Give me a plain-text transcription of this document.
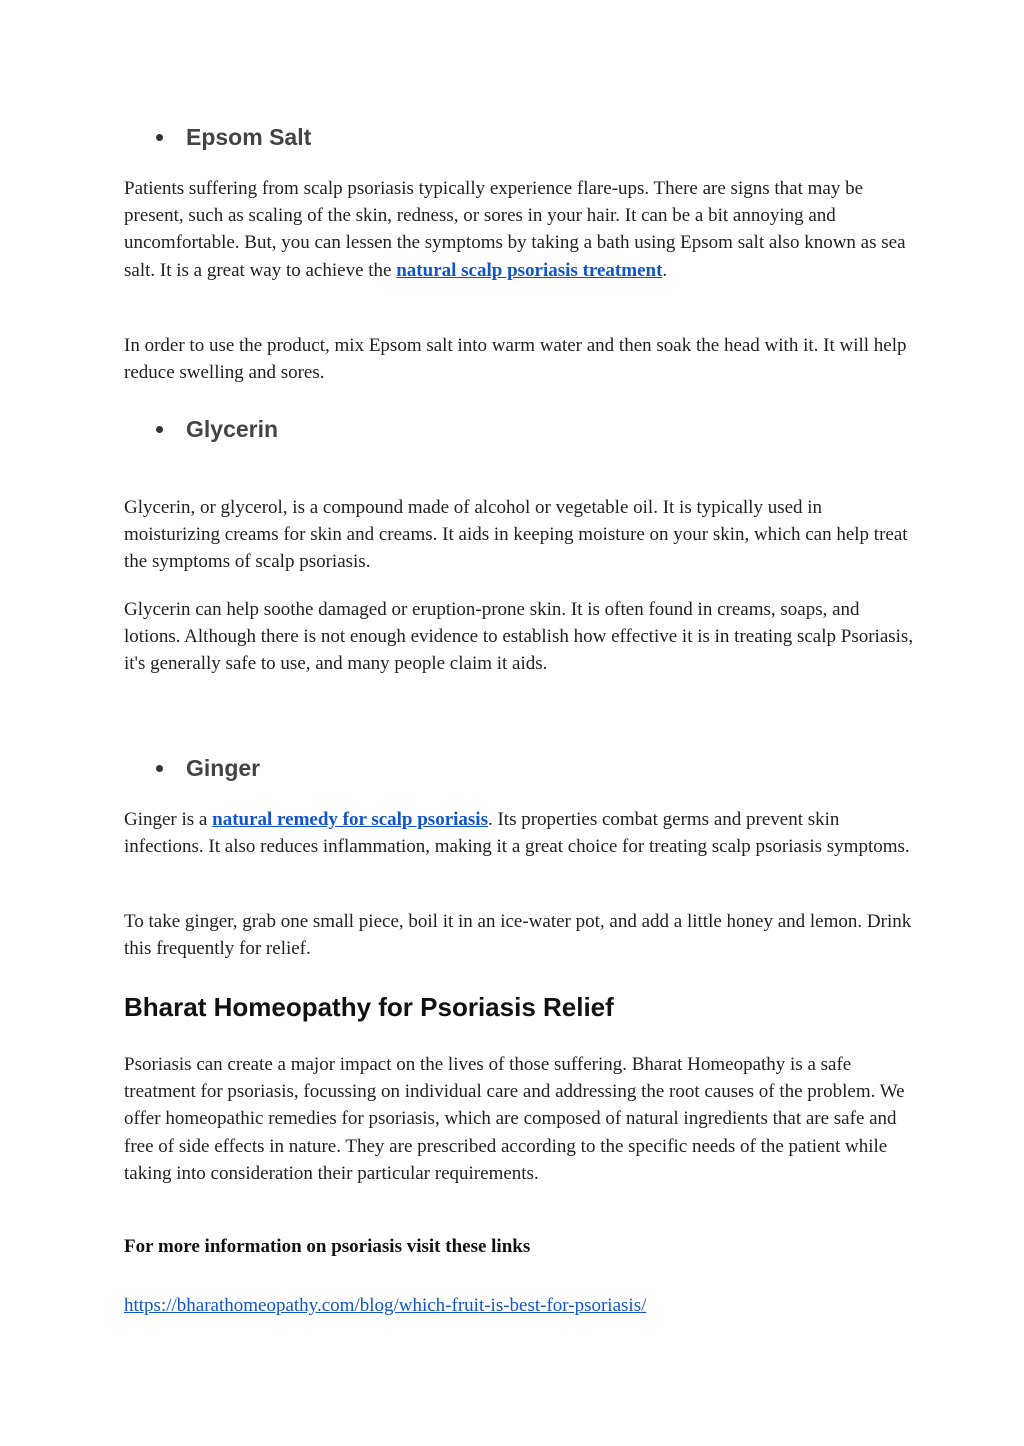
Epsom Salt

Patients suffering from scalp psoriasis typically experience flare-ups. There are signs that may be present, such as scaling of the skin, redness, or sores in your hair. It can be a bit annoying and uncomfortable. But, you can lessen the symptoms by taking a bath using Epsom salt also known as sea salt. It is a great way to achieve the natural scalp psoriasis treatment.

In order to use the product, mix Epsom salt into warm water and then soak the head with it. It will help reduce swelling and sores.

Glycerin

Glycerin, or glycerol, is a compound made of alcohol or vegetable oil. It is typically used in moisturizing creams for skin and creams. It aids in keeping moisture on your skin, which can help treat the symptoms of scalp psoriasis.

Glycerin can help soothe damaged or eruption-prone skin. It is often found in creams, soaps, and lotions. Although there is not enough evidence to establish how effective it is in treating scalp Psoriasis, it's generally safe to use, and many people claim it aids.

Ginger

Ginger is a natural remedy for scalp psoriasis. Its properties combat germs and prevent skin infections. It also reduces inflammation, making it a great choice for treating scalp psoriasis symptoms.

To take ginger, grab one small piece, boil it in an ice-water pot, and add a little honey and lemon. Drink this frequently for relief.

Bharat Homeopathy for Psoriasis Relief

Psoriasis can create a major impact on the lives of those suffering. Bharat Homeopathy is a safe treatment for psoriasis, focussing on individual care and addressing the root causes of the problem. We offer homeopathic remedies for psoriasis, which are composed of natural ingredients that are safe and free of side effects in nature. They are prescribed according to the specific needs of the patient while taking into consideration their particular requirements.

For more information on psoriasis visit these links
https://bharathomeopathy.com/blog/which-fruit-is-best-for-psoriasis/
